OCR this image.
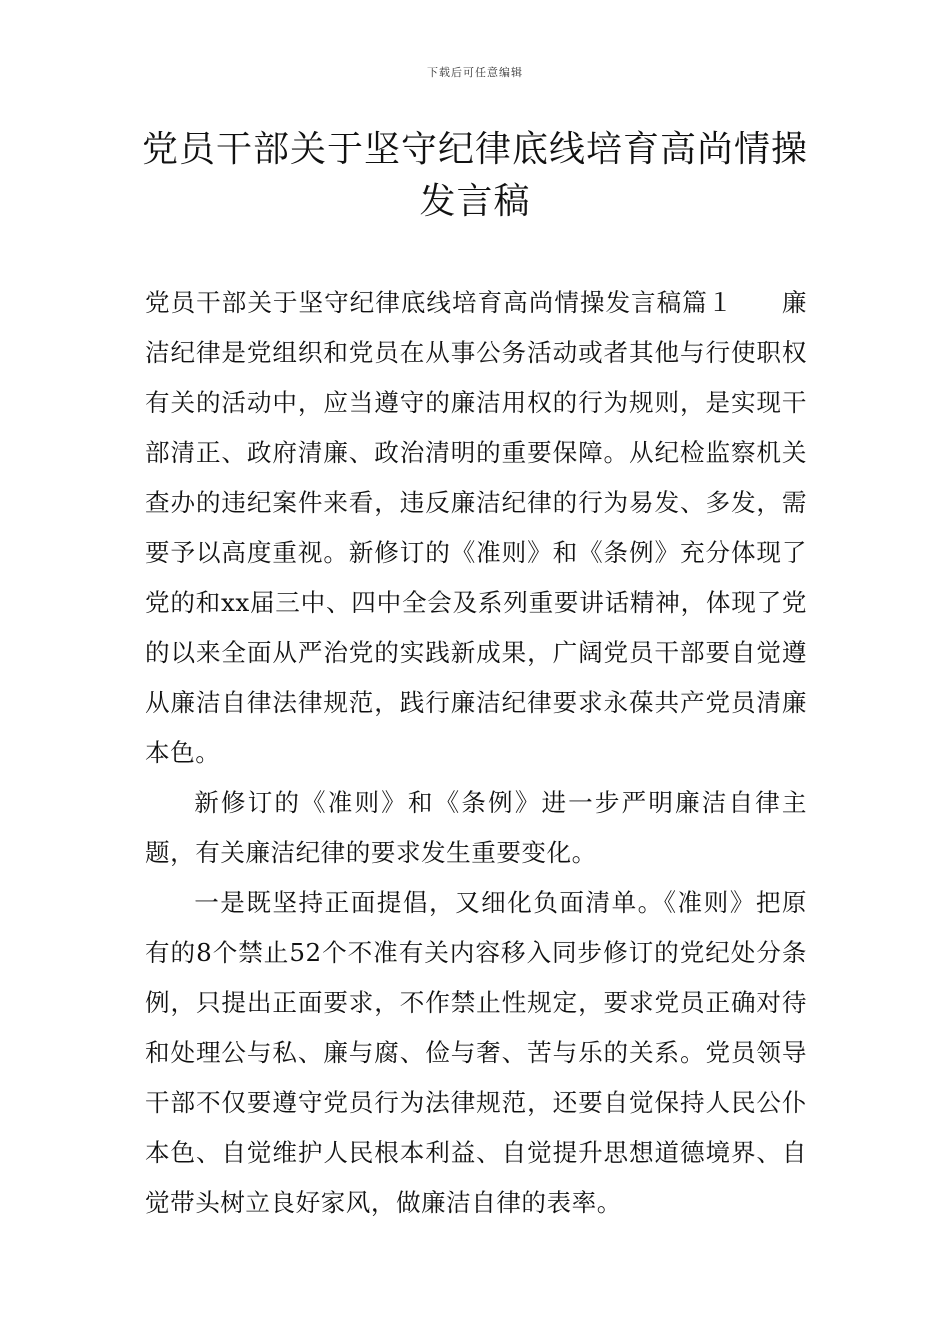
下载后可任意编辑
党员干部关于坚守纪律底线培育高尚情操
发言稿

党员干部关于坚守纪律底线培育高尚情操发言稿篇１ 廉洁纪律是党组织和党员在从事公务活动或者其他与行使职权有关的活动中，应当遵守的廉洁用权的行为规则，是实现干部清正、政府清廉、政治清明的重要保障。从纪检监察机关查办的违纪案件来看，违反廉洁纪律的行为易发、多发，需要予以高度重视。新修订的《准则》和《条例》充分体现了党的和xx届三中、四中全会及系列重要讲话精神，体现了党的以来全面从严治党的实践新成果，广阔党员干部要自觉遵从廉洁自律法律规范，践行廉洁纪律要求永葆共产党员清廉本色。

新修订的《准则》和《条例》进一步严明廉洁自律主题，有关廉洁纪律的要求发生重要变化。

一是既坚持正面提倡，又细化负面清单。《准则》把原有的8个禁止52个不准有关内容移入同步修订的党纪处分条例，只提出正面要求，不作禁止性规定，要求党员正确对待和处理公与私、廉与腐、俭与奢、苦与乐的关系。党员领导干部不仅要遵守党员行为法律规范，还要自觉保持人民公仆本色、自觉维护人民根本利益、自觉提升思想道德境界、自觉带头树立良好家风，做廉洁自律的表率。
